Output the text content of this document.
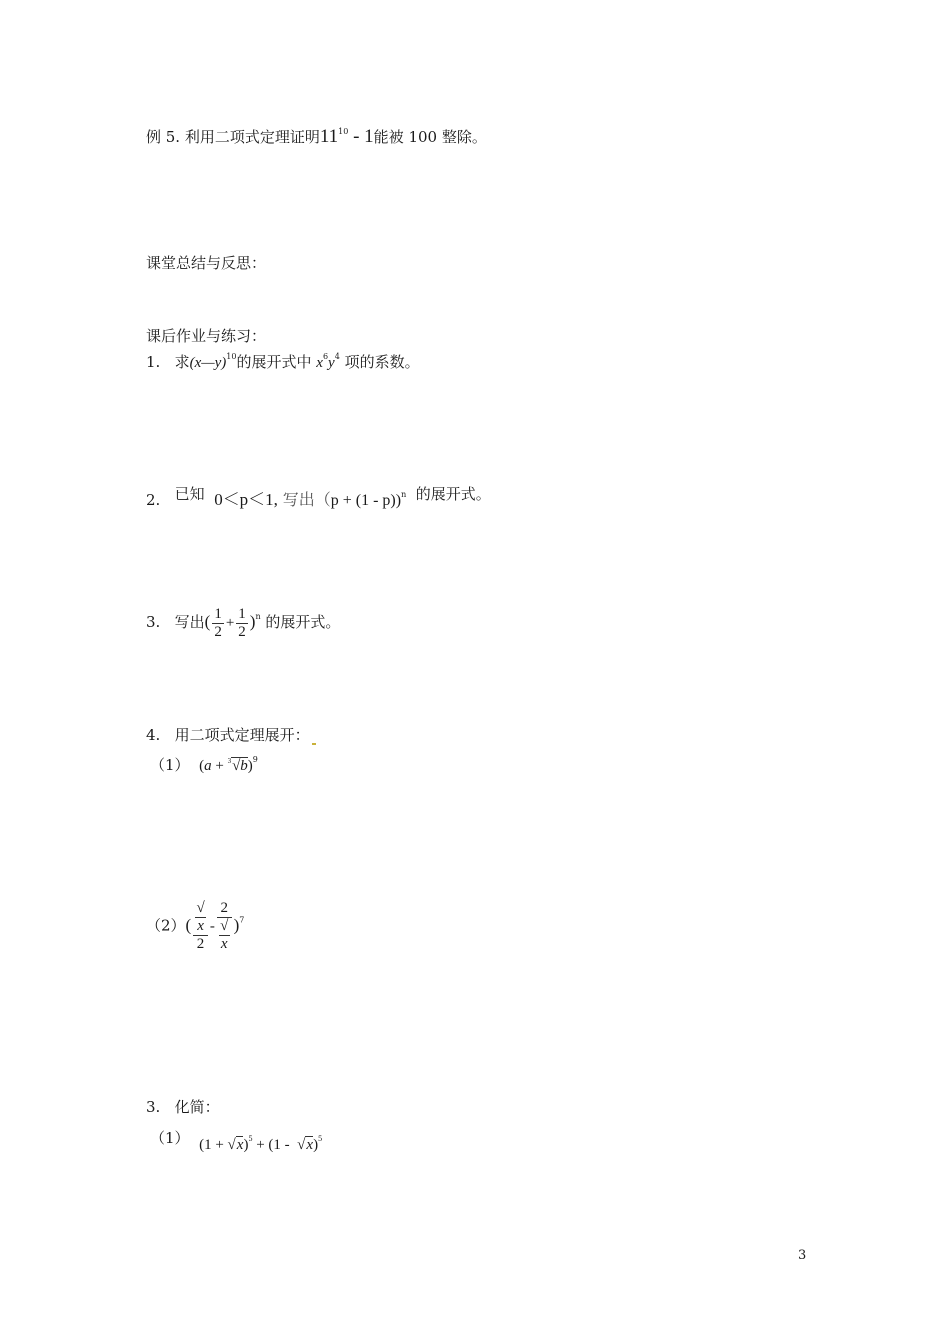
例 5. 利用二项式定理证明$11^{10} - 1$能被 100 整除。
课堂总结与反思：
课后作业与练习：
1. 求(x—y)$^{10}$的展开式中 $x^6y^4$ 项的系数。
2. 已知 0＜p＜1, 写出（p + (1 - p))$^n$ 的展开式。
3. 写出( $\frac{1}{2} + \frac{1}{2} )^n$ 的展开式。
4. 用二项式定理展开：
（1） $(a + ^3√b)^9$
（2）( √
x
2 - 2
√
x )$^7$
3. 化简：
（1） $(1 + √x)^5 + (1 - √x)^5$
3
